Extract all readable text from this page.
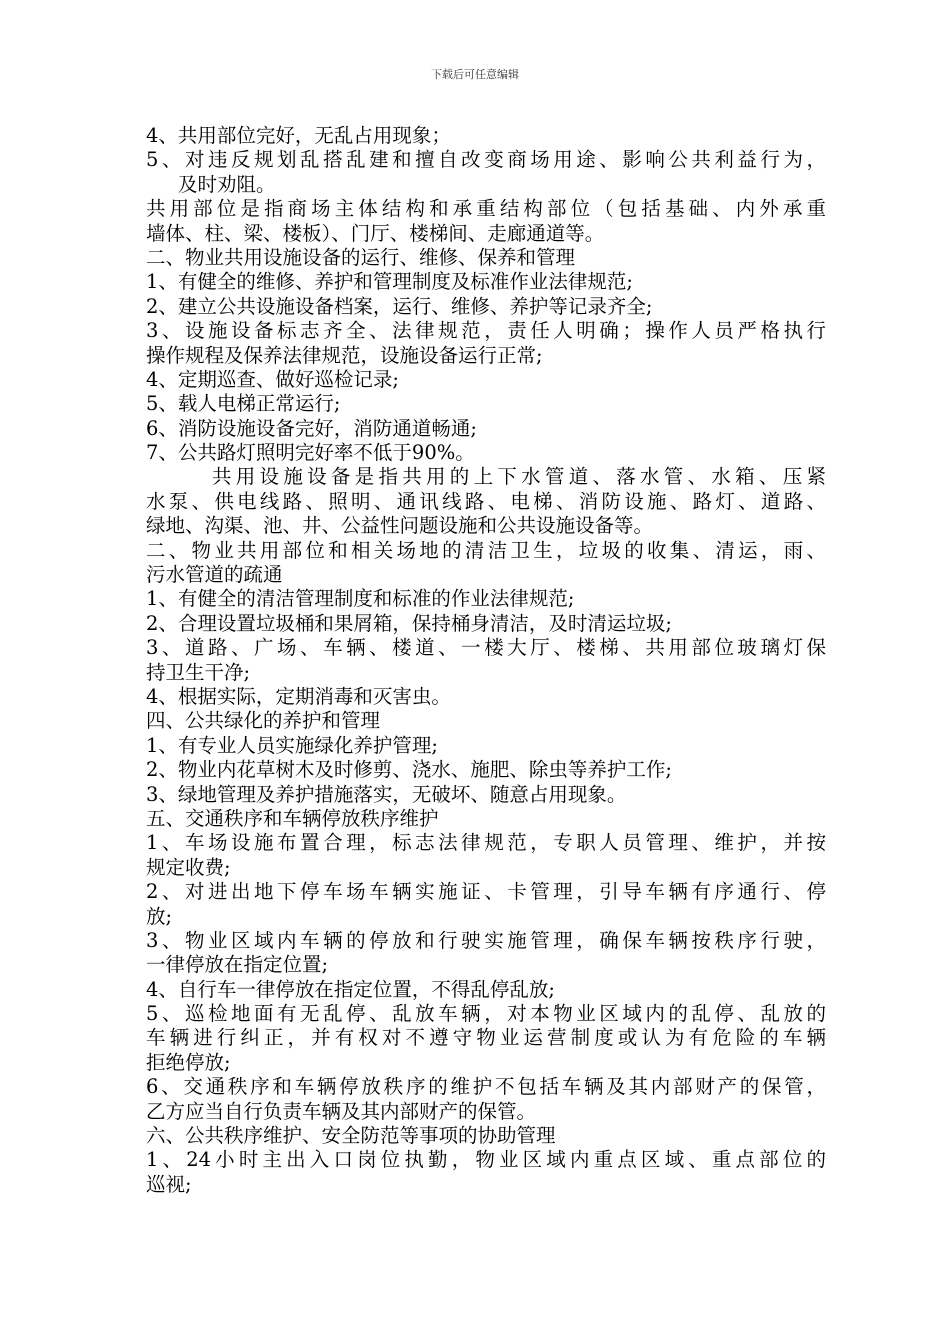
下载后可任意编辑
4、共用部位完好，无乱占用现象；
5、对违反规划乱搭乱建和擅自改变商场用途、影响公共利益行为，
及时劝阻。
共用部位是指商场主体结构和承重结构部位（包括基础、内外承重
墙体、柱、梁、楼板）、门厅、楼梯间、走廊通道等。
二、物业共用设施设备的运行、维修、保养和管理
1、有健全的维修、养护和管理制度及标准作业法律规范;
2、建立公共设施设备档案，运行、维修、养护等记录齐全;
3、设施设备标志齐全、法律规范，责任人明确；操作人员严格执行
操作规程及保养法律规范，设施设备运行正常;
4、定期巡查、做好巡检记录;
5、载人电梯正常运行;
6、消防设施设备完好，消防通道畅通;
7、公共路灯照明完好率不低于90%。
共用设施设备是指共用的上下水管道、落水管、水箱、压紧
水泵、供电线路、照明、通讯线路、电梯、消防设施、路灯、道路、
绿地、沟渠、池、井、公益性问题设施和公共设施设备等。
二、物业共用部位和相关场地的清洁卫生，垃圾的收集、清运，雨、
污水管道的疏通
1、有健全的清洁管理制度和标准的作业法律规范;
2、合理设置垃圾桶和果屑箱，保持桶身清洁，及时清运垃圾;
3、道路、广场、车辆、楼道、一楼大厅、楼梯、共用部位玻璃灯保
持卫生干净;
4、根据实际，定期消毒和灭害虫。
四、公共绿化的养护和管理
1、有专业人员实施绿化养护管理;
2、物业内花草树木及时修剪、浇水、施肥、除虫等养护工作;
3、绿地管理及养护措施落实，无破坏、随意占用现象。
五、交通秩序和车辆停放秩序维护
1、车场设施布置合理，标志法律规范，专职人员管理、维护，并按
规定收费;
2、对进出地下停车场车辆实施证、卡管理，引导车辆有序通行、停
放;
3、物业区域内车辆的停放和行驶实施管理，确保车辆按秩序行驶，
一律停放在指定位置;
4、自行车一律停放在指定位置，不得乱停乱放;
5、巡检地面有无乱停、乱放车辆，对本物业区域内的乱停、乱放的
车辆进行纠正，并有权对不遵守物业运营制度或认为有危险的车辆
拒绝停放;
6、交通秩序和车辆停放秩序的维护不包括车辆及其内部财产的保管，
乙方应当自行负责车辆及其内部财产的保管。
六、公共秩序维护、安全防范等事项的协助管理
1、24小时主出入口岗位执勤，物业区域内重点区域、重点部位的
巡视;
